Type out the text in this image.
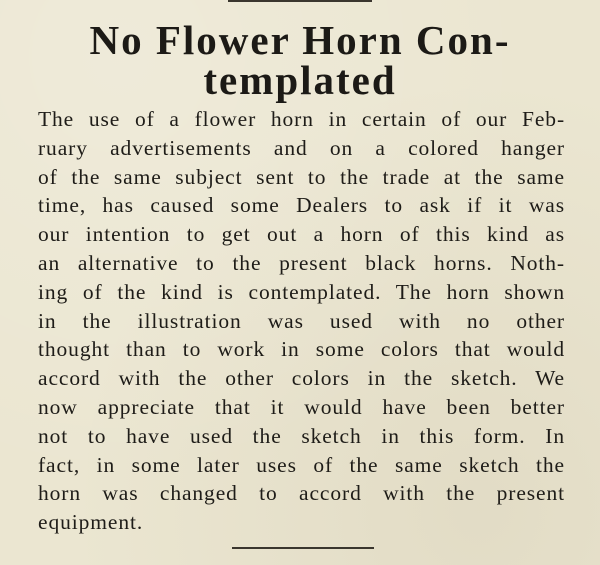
No Flower Horn Con-
templated
The use of a flower horn in certain of our Feb-
ruary advertisements and on a colored hanger
of the same subject sent to the trade at the same
time, has caused some Dealers to ask if it was
our intention to get out a horn of this kind as
an alternative to the present black horns. Noth-
ing of the kind is contemplated. The horn shown
in the illustration was used with no other
thought than to work in some colors that would
accord with the other colors in the sketch. We
now appreciate that it would have been better
not to have used the sketch in this form. In
fact, in some later uses of the same sketch the
horn was changed to accord with the present
equipment.
